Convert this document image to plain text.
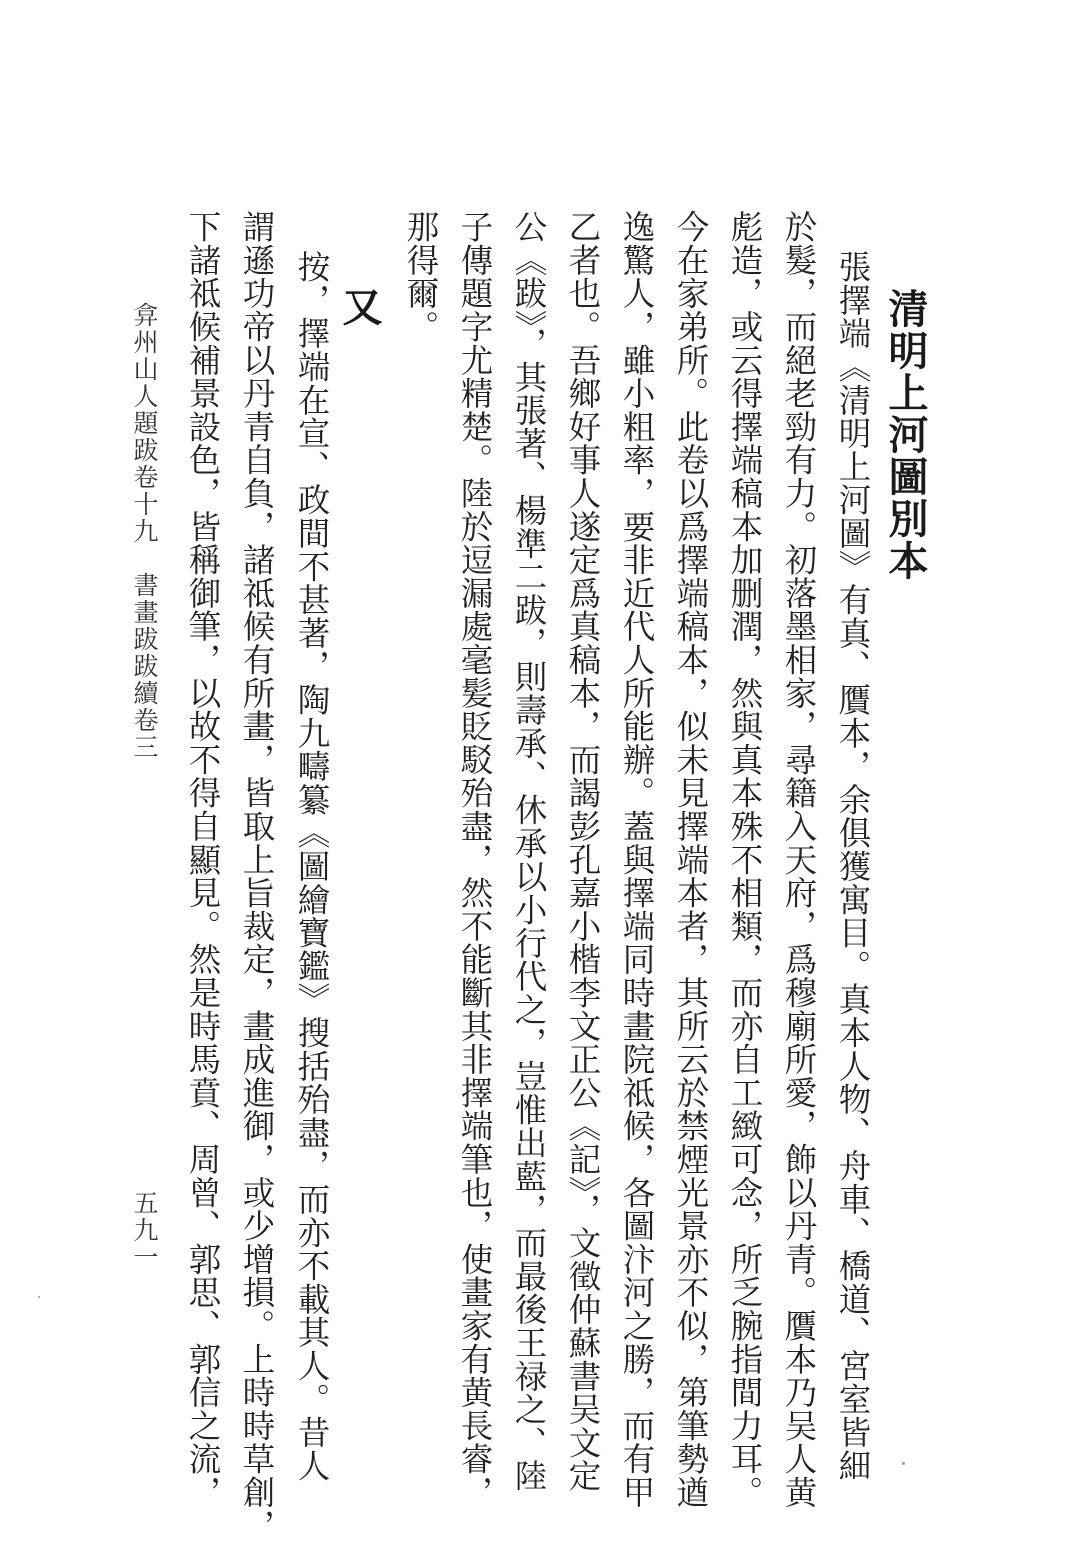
清明上河圖別本
張擇端《清明上河圖》有真、贋本，余俱獲寓目。真本人物、舟車、橋道、宮室皆細
於髮，而絕老勁有力。初落墨相家，尋籍入天府，爲穆廟所愛，飾以丹青。贋本乃吴人黄
彪造，或云得擇端稿本加删潤，然與真本殊不相類，而亦自工緻可念，所乏腕指間力耳。
今在家弟所。此卷以爲擇端稿本，似未見擇端本者，其所云於禁煙光景亦不似，第筆勢遒
逸驚人，雖小粗率，要非近代人所能辦。蓋與擇端同時畫院祗候，各圖汴河之勝，而有甲
乙者也。吾鄉好事人遂定爲真稿本，而謁彭孔嘉小楷李文正公《記》，文徵仲蘇書吴文定
公《跋》，其張著、楊準二跋，則壽承、休承以小行代之，豈惟出藍，而最後王禄之、陸
子傳題字尤精楚。陸於逗漏處毫髪貶駁殆盡，然不能斷其非擇端筆也，使畫家有黄長睿，
那得爾。
又
按，擇端在宣、政間不甚著，陶九疇纂《圖繪寶鑑》搜括殆盡，而亦不載其人。昔人
謂遜功帝以丹青自負，諸祗候有所畫，皆取上旨裁定，畫成進御，或少增損。上時時草創，
下諸祗候補景設色，皆稱御筆，以故不得自顯見。然是時馬賁、周曾、郭思、郭信之流，
弇州山人題跋卷十九　書畫跋跋續卷三
五九一
